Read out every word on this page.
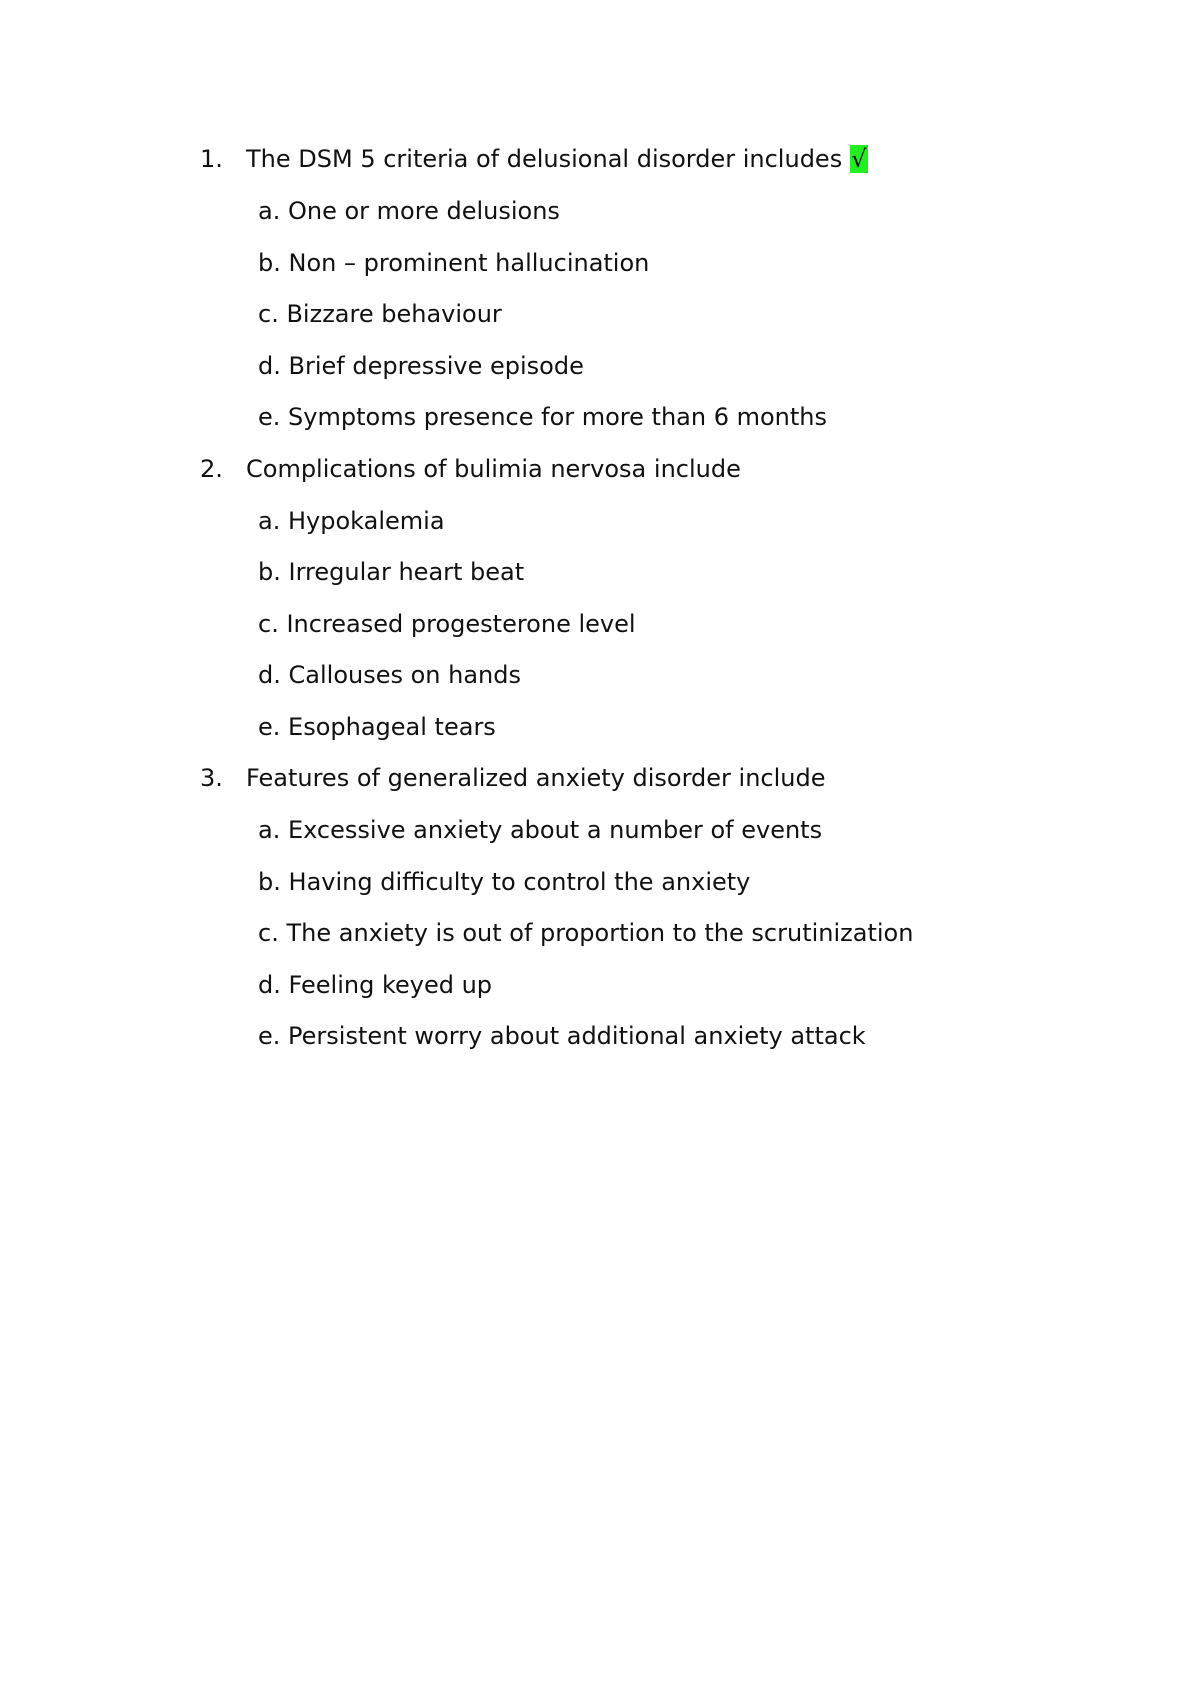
1. The DSM 5 criteria of delusional disorder includes √
a. One or more delusions
b. Non – prominent hallucination
c. Bizzare behaviour
d. Brief depressive episode
e. Symptoms presence for more than 6 months
2. Complications of bulimia nervosa include
a. Hypokalemia
b. Irregular heart beat
c. Increased progesterone level
d. Callouses on hands
e. Esophageal tears
3. Features of generalized anxiety disorder include
a. Excessive anxiety about a number of events
b. Having difficulty to control the anxiety
c. The anxiety is out of proportion to the scrutinization
d. Feeling keyed up
e. Persistent worry about additional anxiety attack
